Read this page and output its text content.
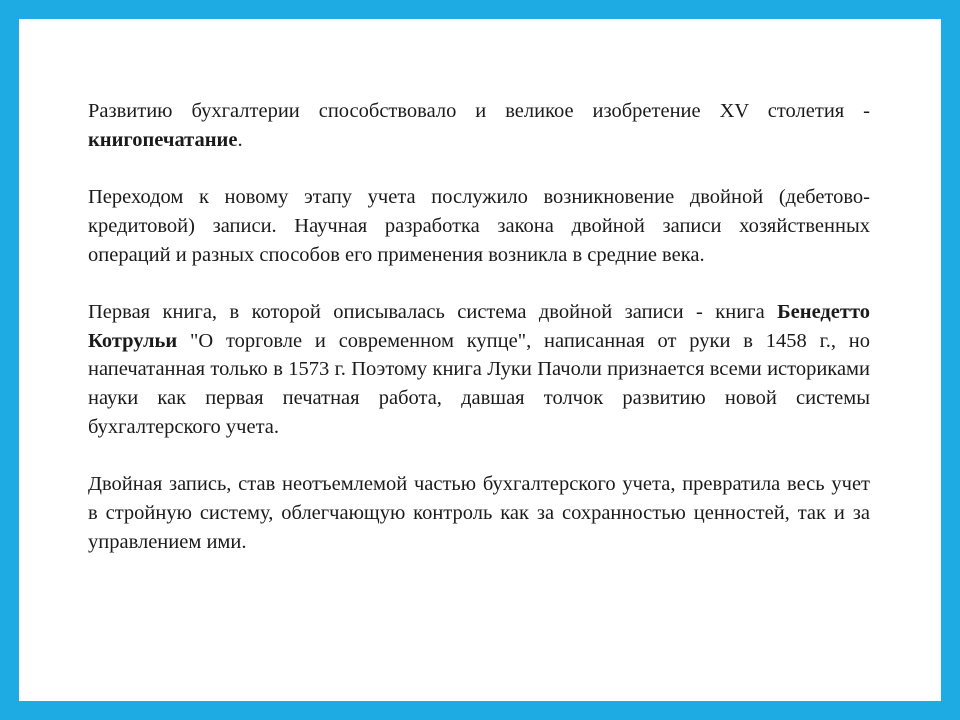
Развитию бухгалтерии способствовало и великое изобретение XV столетия - книгопечатание.

Переходом к новому этапу учета послужило возникновение двойной (дебетово-кредитовой) записи. Научная разработка закона двойной записи хозяйственных операций и разных способов его применения возникла в средние века.

Первая книга, в которой описывалась система двойной записи - книга Бенедетто Котрульи "О торговле и современном купце", написанная от руки в 1458 г., но напечатанная только в 1573 г. Поэтому книга Луки Пачоли признается всеми историками науки как первая печатная работа, давшая толчок развитию новой системы бухгалтерского учета.

Двойная запись, став неотъемлемой частью бухгалтерского учета, превратила весь учет в стройную систему, облегчающую контроль как за сохранностью ценностей, так и за управлением ими.
